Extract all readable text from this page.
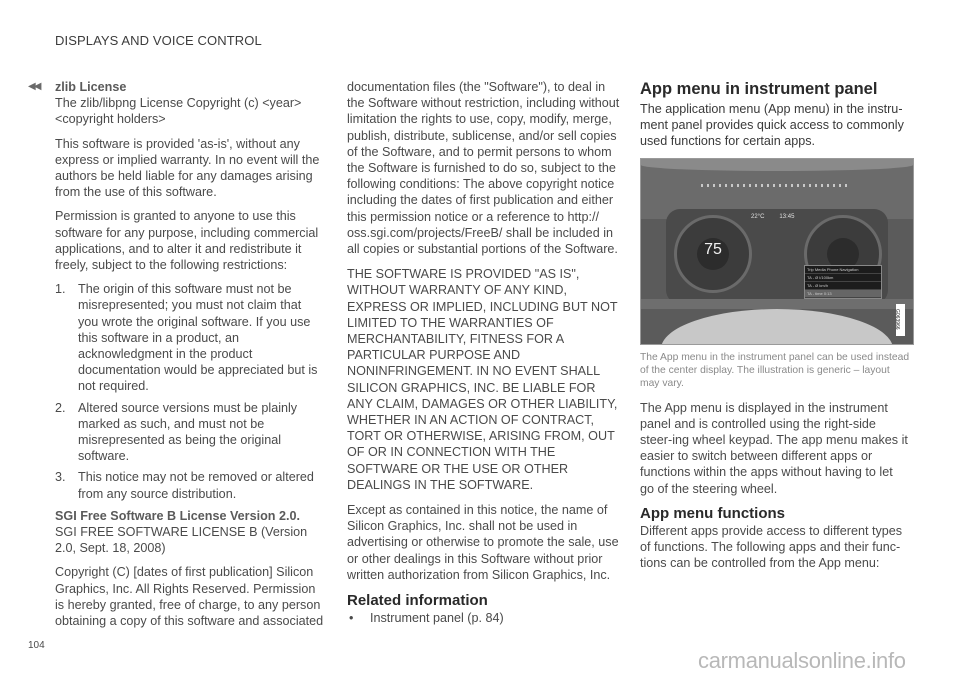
DISPLAYS AND VOICE CONTROL
◀◀ zlib License

The zlib/libpng License Copyright (c) <year> <copyright holders>

This software is provided 'as-is', without any express or implied warranty. In no event will the authors be held liable for any damages arising from the use of this software.

Permission is granted to anyone to use this software for any purpose, including commercial applications, and to alter it and redistribute it freely, subject to the following restrictions:

1. The origin of this software must not be misrepresented; you must not claim that you wrote the original software. If you use this software in a product, an acknowledgment in the product documentation would be appreciated but is not required.
2. Altered source versions must be plainly marked as such, and must not be misrepresented as being the original software.
3. This notice may not be removed or altered from any source distribution.
SGI Free Software B License Version 2.0.

SGI FREE SOFTWARE LICENSE B (Version 2.0, Sept. 18, 2008)

Copyright (C) [dates of first publication] Silicon Graphics, Inc. All Rights Reserved. Permission is hereby granted, free of charge, to any person obtaining a copy of this software and associated

documentation files (the "Software"), to deal in the Software without restriction, including without limitation the rights to use, copy, modify, merge, publish, distribute, sublicense, and/or sell copies of the Software, and to permit persons to whom the Software is furnished to do so, subject to the following conditions: The above copyright notice including the dates of first publication and either this permission notice or a reference to http:// oss.sgi.com/projects/FreeB/ shall be included in all copies or substantial portions of the Software.

THE SOFTWARE IS PROVIDED "AS IS", WITHOUT WARRANTY OF ANY KIND, EXPRESS OR IMPLIED, INCLUDING BUT NOT LIMITED TO THE WARRANTIES OF MERCHANTABILITY, FITNESS FOR A PARTICULAR PURPOSE AND NONINFRINGEMENT. IN NO EVENT SHALL SILICON GRAPHICS, INC. BE LIABLE FOR ANY CLAIM, DAMAGES OR OTHER LIABILITY, WHETHER IN AN ACTION OF CONTRACT, TORT OR OTHERWISE, ARISING FROM, OUT OF OR IN CONNECTION WITH THE SOFTWARE OR THE USE OR OTHER DEALINGS IN THE SOFTWARE.

Except as contained in this notice, the name of Silicon Graphics, Inc. shall not be used in advertising or otherwise to promote the sale, use or other dealings in this Software without prior written authorization from Silicon Graphics, Inc.

Related information
• Instrument panel (p. 84)
App menu in instrument panel

The application menu (App menu) in the instru-ment panel provides quick access to commonly used functions for certain apps.

22°C	13:45
75
Trip Media Phone Navigation
TA - Ø l/100km
TA - Ø km/h
TA - time 0:13
G063966
The App menu in the instrument panel can be used instead of the center display. The illustration is generic – layout may vary.

The App menu is displayed in the instrument panel and is controlled using the right-side steer-ing wheel keypad. The app menu makes it easier to switch between different apps or functions within the apps without having to let go of the steering wheel.

App menu functions

Different apps provide access to different types of functions. The following apps and their func-tions can be controlled from the App menu:

104
carmanualsonline.info
